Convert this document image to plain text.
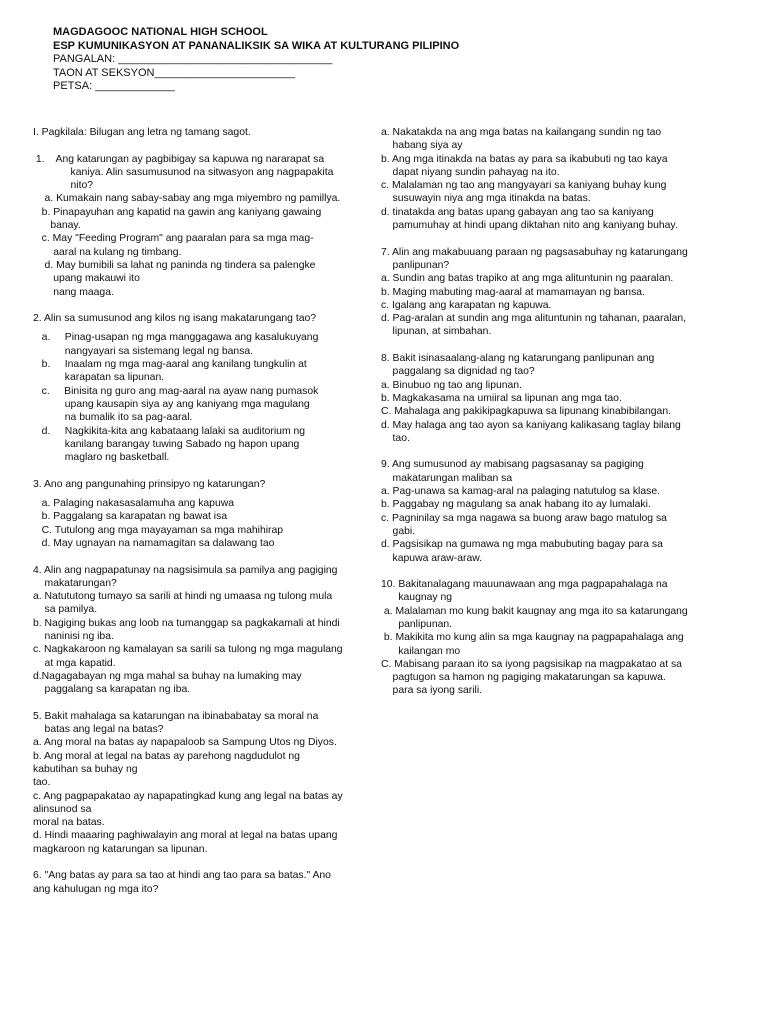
MAGDAGOOC NATIONAL HIGH SCHOOL
ESP KUMUNIKASYON AT PANANALIKSIK SA WIKA AT KULTURANG PILIPINO
PANGALAN: ___________________________________
TAON AT SEKSYON_______________________
PETSA: _____________
I. Pagkilala: Bilugan ang letra ng tamang sagot.
1.    Ang katarungan ay pagbibigay sa kapuwa ng nararapat sa
kaniya. Alin sasumusunod na sitwasyon ang nagpapakita
nito?
a. Kumakain nang sabay-sabay ang mga miyembro ng pamillya.
b. Pinapayuhan ang kapatid na gawin ang kaniyang gawaing
banay.
c. May "Feeding Program" ang paaralan para sa mga mag-
aaral na kulang ng timbang.
d. May bumibili sa lahat ng paninda ng tindera sa palengke
upang makauwi ito
nang maaga.
2. Alin sa sumusunod ang kilos ng isang makatarungang tao?
a.     Pinag-usapan ng mga manggagawa ang kasalukuyang
nangyayari sa sistemang legal ng bansa.
b.     Inaalam ng mga mag-aaral ang kanilang tungkulin at
karapatan sa lipunan.
c.     Binisita ng guro ang mag-aaral na ayaw nang pumasok
upang kausapin siya ay ang kaniyang mga magulang
na bumalik ito sa pag-aaral.
d.     Nagkikita-kita ang kabataang lalaki sa auditorium ng
kanilang barangay tuwing Sabado ng hapon upang
maglaro ng basketball.
3. Ano ang pangunahing prinsipyo ng katarungan?
a. Palaging nakasasalamuha ang kapuwa
b. Paggalang sa karapatan ng bawat isa
C. Tutulong ang mga mayayaman sa mga mahihirap
d. May ugnayan na namamagitan sa dalawang tao
4. Alin ang nagpapatunay na nagsisimula sa pamilya ang pagiging
makatarungan?
a. Natututong tumayo sa sarili at hindi ng umaasa ng tulong mula
sa pamilya.
b. Nagiging bukas ang loob na tumanggap sa pagkakamali at hindi
naninisi ng iba.
c. Nagkakaroon ng kamalayan sa sarili sa tulong ng mga magulang
at mga kapatid.
d.Nagagabayan ng mga mahal sa buhay na lumaking may
paggalang sa karapatan ng iba.
5. Bakit mahalaga sa katarungan na ibinababatay sa moral na
batas ang legal na batas?
a. Ang moral na batas ay napapaloob sa Sampung Utos ng Diyos.
b. Ang moral at legal na batas ay parehong nagdudulot ng
kabutihan sa buhay ng
tao.
c. Ang pagpapakatao ay napapatingkad kung ang legal na batas ay
alinsunod sa
moral na batas.
d. Hindi maaaring paghiwalayin ang moral at legal na batas upang
magkaroon ng katarungan sa lipunan.
6. "Ang batas ay para sa tao at hindi ang tao para sa batas." Ano
ang kahulugan ng mga ito?
a. Nakatakda na ang mga batas na kailangang sundin ng tao
habang siya ay
b. Ang mga itinakda na batas ay para sa ikabubuti ng tao kaya
dapat niyang sundin pahayag na ito.
c. Malalaman ng tao ang mangyayari sa kaniyang buhay kung
susuwayin niya ang mga itinakda na batas.
d. tinatakda ang batas upang gabayan ang tao sa kaniyang
pamumuhay at hindi upang diktahan nito ang kaniyang buhay.
7. Alin ang makabuuang paraan ng pagsasabuhay ng katarungang
panlipunan?
a. Sundin ang batas trapiko at ang mga alituntunin ng paaralan.
b. Maging mabuting mag-aaral at mamamayan ng bansa.
c. Igalang ang karapatan ng kapuwa.
d. Pag-aralan at sundin ang mga alituntunin ng tahanan, paaralan,
lipunan, at simbahan.
8. Bakit isinasaalang-alang ng katarungang panlipunan ang
paggalang sa dignidad ng tao?
a. Binubuo ng tao ang lipunan.
b. Magkakasama na umiiral sa lipunan ang mga tao.
C. Mahalaga ang pakikipagkapuwa sa lipunang kinabibilangan.
d. May halaga ang tao ayon sa kaniyang kalikasang taglay bilang
tao.
9. Ang sumusunod ay mabisang pagsasanay sa pagiging
makatarungan maliban sa
a. Pag-unawa sa kamag-aral na palaging natutulog sa klase.
b. Paggabay ng magulang sa anak habang ito ay lumalaki.
c. Pagninilay sa mga nagawa sa buong araw bago matulog sa
gabi.
d. Pagsisikap na gumawa ng mga mabubuting bagay para sa
kapuwa araw-araw.
10. Bakitanalagang mauunawaan ang mga pagpapahalaga na
kaugnay ng
a. Malalaman mo kung bakit kaugnay ang mga ito sa katarungang
panlipunan.
b. Makikita mo kung alin sa mga kaugnay na pagpapahalaga ang
kailangan mo
C. Mabisang paraan ito sa iyong pagsisikap na magpakatao at sa
pagtugon sa hamon ng pagiging makatarungan sa kapuwa.
para sa iyong sarili.
